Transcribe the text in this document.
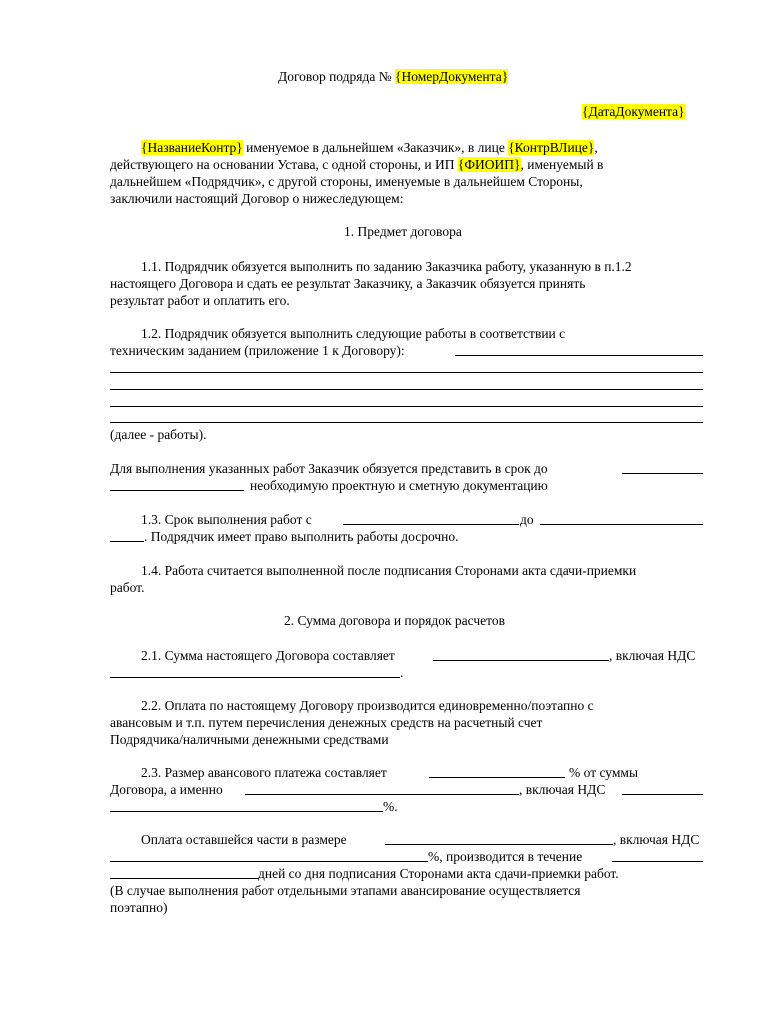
Договор подряда № {НомерДокумента}
{ДатаДокумента}
{НазваниеКонтр} именуемое в дальнейшем «Заказчик», в лице {КонтрВЛице},
действующего на основании Устава, с одной стороны, и ИП {ФИОИП}, именуемый в
дальнейшем «Подрядчик», с другой стороны, именуемые в дальнейшем Стороны,
заключили настоящий Договор о нижеследующем:
1. Предмет договора
1.1. Подрядчик обязуется выполнить по заданию Заказчика работу, указанную в п.1.2
настоящего Договора и сдать ее результат Заказчику, а Заказчик обязуется принять
результат работ и оплатить его.
1.2. Подрядчик обязуется выполнить следующие работы в соответствии с
техническим заданием (приложение 1 к Договору):
(далее - работы).
Для выполнения указанных работ Заказчик обязуется представить в срок до
необходимую проектную и сметную документацию
1.3. Срок выполнения работ с	до
. Подрядчик имеет право выполнить работы досрочно.
1.4. Работа считается выполненной после подписания Сторонами акта сдачи-приемки
работ.
2. Сумма договора и порядок расчетов
2.1. Сумма настоящего Договора составляет	, включая НДС
.
2.2. Оплата по настоящему Договору производится единовременно/поэтапно с
авансовым и т.п. путем перечисления денежных средств на расчетный счет
Подрядчика/наличными денежными средствами
2.3. Размер авансового платежа составляет	% от суммы
Договора, а именно	, включая НДС
%.
Оплата оставшейся части в размере	, включая НДС
%, производится в течение
дней со дня подписания Сторонами акта сдачи-приемки работ.
(В случае выполнения работ отдельными этапами авансирование осуществляется
поэтапно)
